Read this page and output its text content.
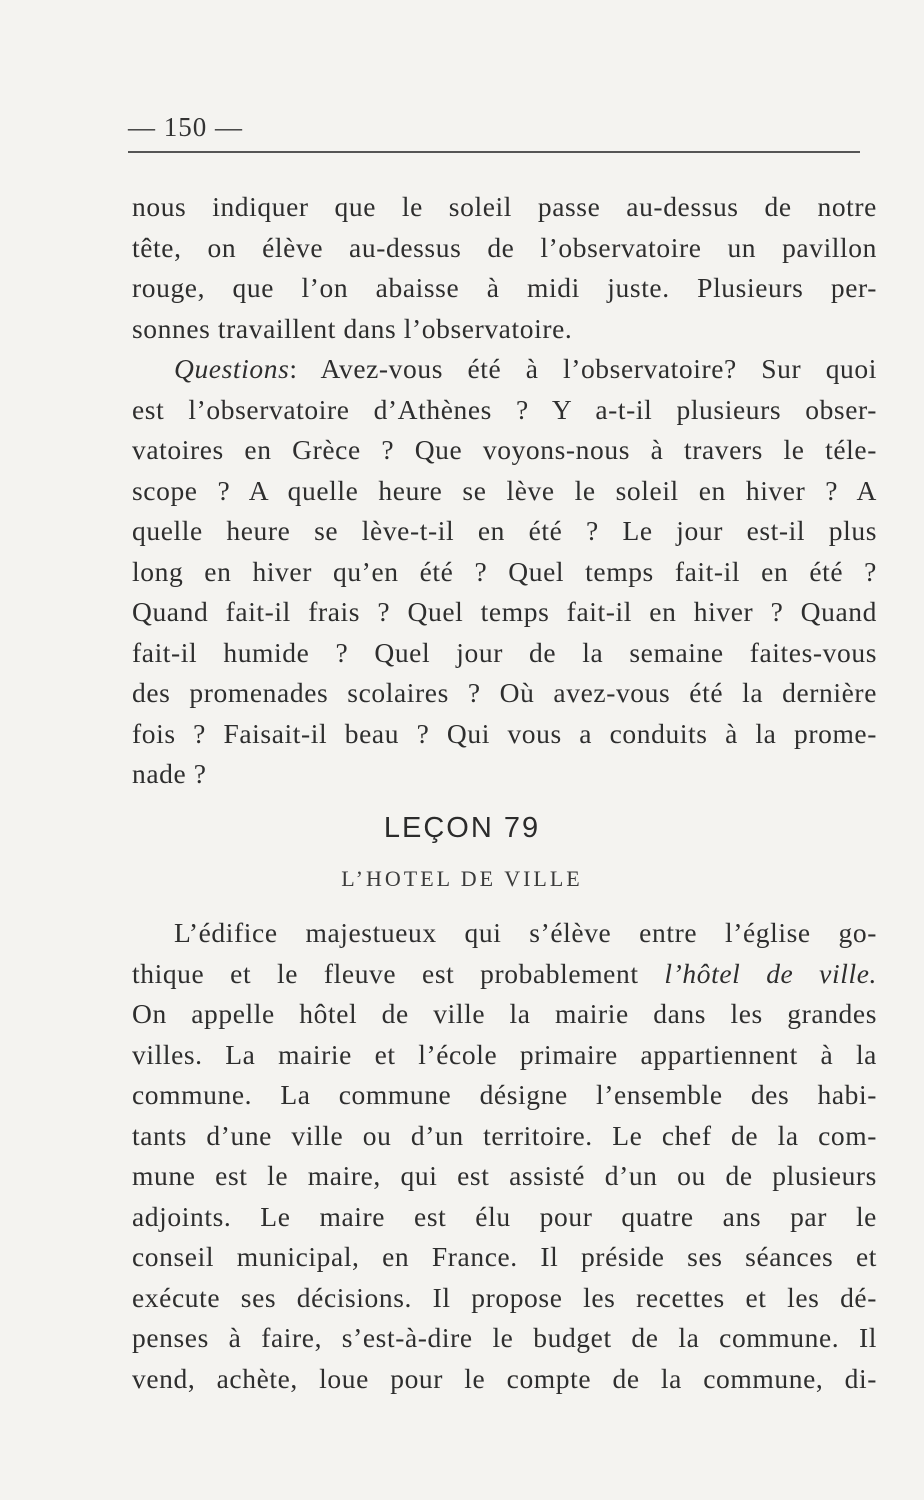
— 150 —
nous indiquer que le soleil passe au-dessus de notre
tête, on élève au-dessus de l’observatoire un pavillon
rouge, que l’on abaisse à midi juste. Plusieurs per-
sonnes travaillent dans l’observatoire.
Questions: Avez-vous été à l’observatoire? Sur quoi
est l’observatoire d’Athènes ? Y a-t-il plusieurs obser-
vatoires en Grèce ? Que voyons-nous à travers le téle-
scope ? A quelle heure se lève le soleil en hiver ? A
quelle heure se lève-t-il en été ? Le jour est-il plus
long en hiver qu’en été ? Quel temps fait-il en été ?
Quand fait-il frais ? Quel temps fait-il en hiver ? Quand
fait-il humide ? Quel jour de la semaine faites-vous
des promenades scolaires ? Où avez-vous été la dernière
fois ? Faisait-il beau ? Qui vous a conduits à la prome-
nade ?
LEÇON 79
L’HOTEL DE VILLE
L’édifice majestueux qui s’élève entre l’église go-
thique et le fleuve est probablement l’hôtel de ville.
On appelle hôtel de ville la mairie dans les grandes
villes. La mairie et l’école primaire appartiennent à la
commune. La commune désigne l’ensemble des habi-
tants d’une ville ou d’un territoire. Le chef de la com-
mune est le maire, qui est assisté d’un ou de plusieurs
adjoints. Le maire est élu pour quatre ans par le
conseil municipal, en France. Il préside ses séances et
exécute ses décisions. Il propose les recettes et les dé-
penses à faire, s’est-à-dire le budget de la commune. Il
vend, achète, loue pour le compte de la commune, di-
